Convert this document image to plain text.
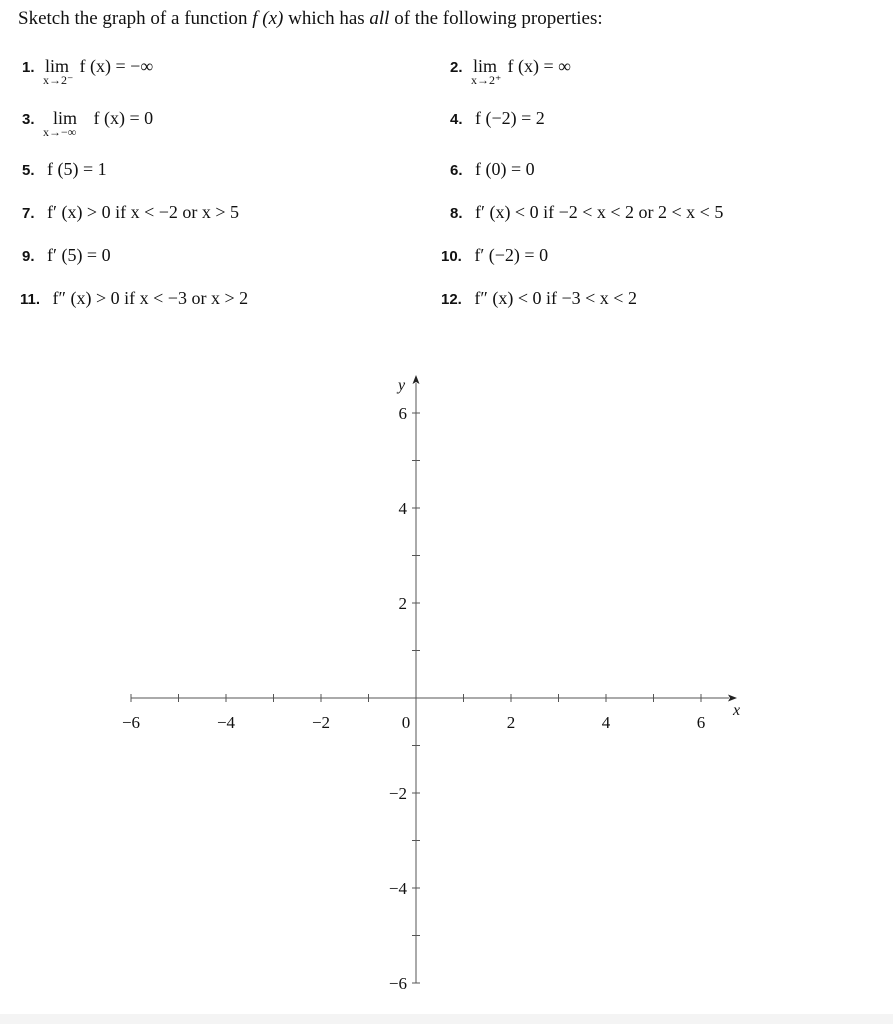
Sketch the graph of a function f (x) which has all of the following properties:
1. lim
x→2⁻
f (x) = −∞	2. lim
x→2⁺
f (x) = ∞
3. lim
x→−∞
f (x) = 0	4. f (−2) = 2
5. f (5) = 1	6. f (0) = 0
7. f′ (x) > 0 if x < −2 or x > 5	8. f′ (x) < 0 if −2 < x < 2 or 2 < x < 5
9. f′ (5) = 0	10. f′ (−2) = 0
11. f″ (x) > 0 if x < −3 or x > 2	12. f″ (x) < 0 if −3 < x < 2
−6	−4	−2	0	2	4	6
6
4
2
−2
−4
−6
x
y
